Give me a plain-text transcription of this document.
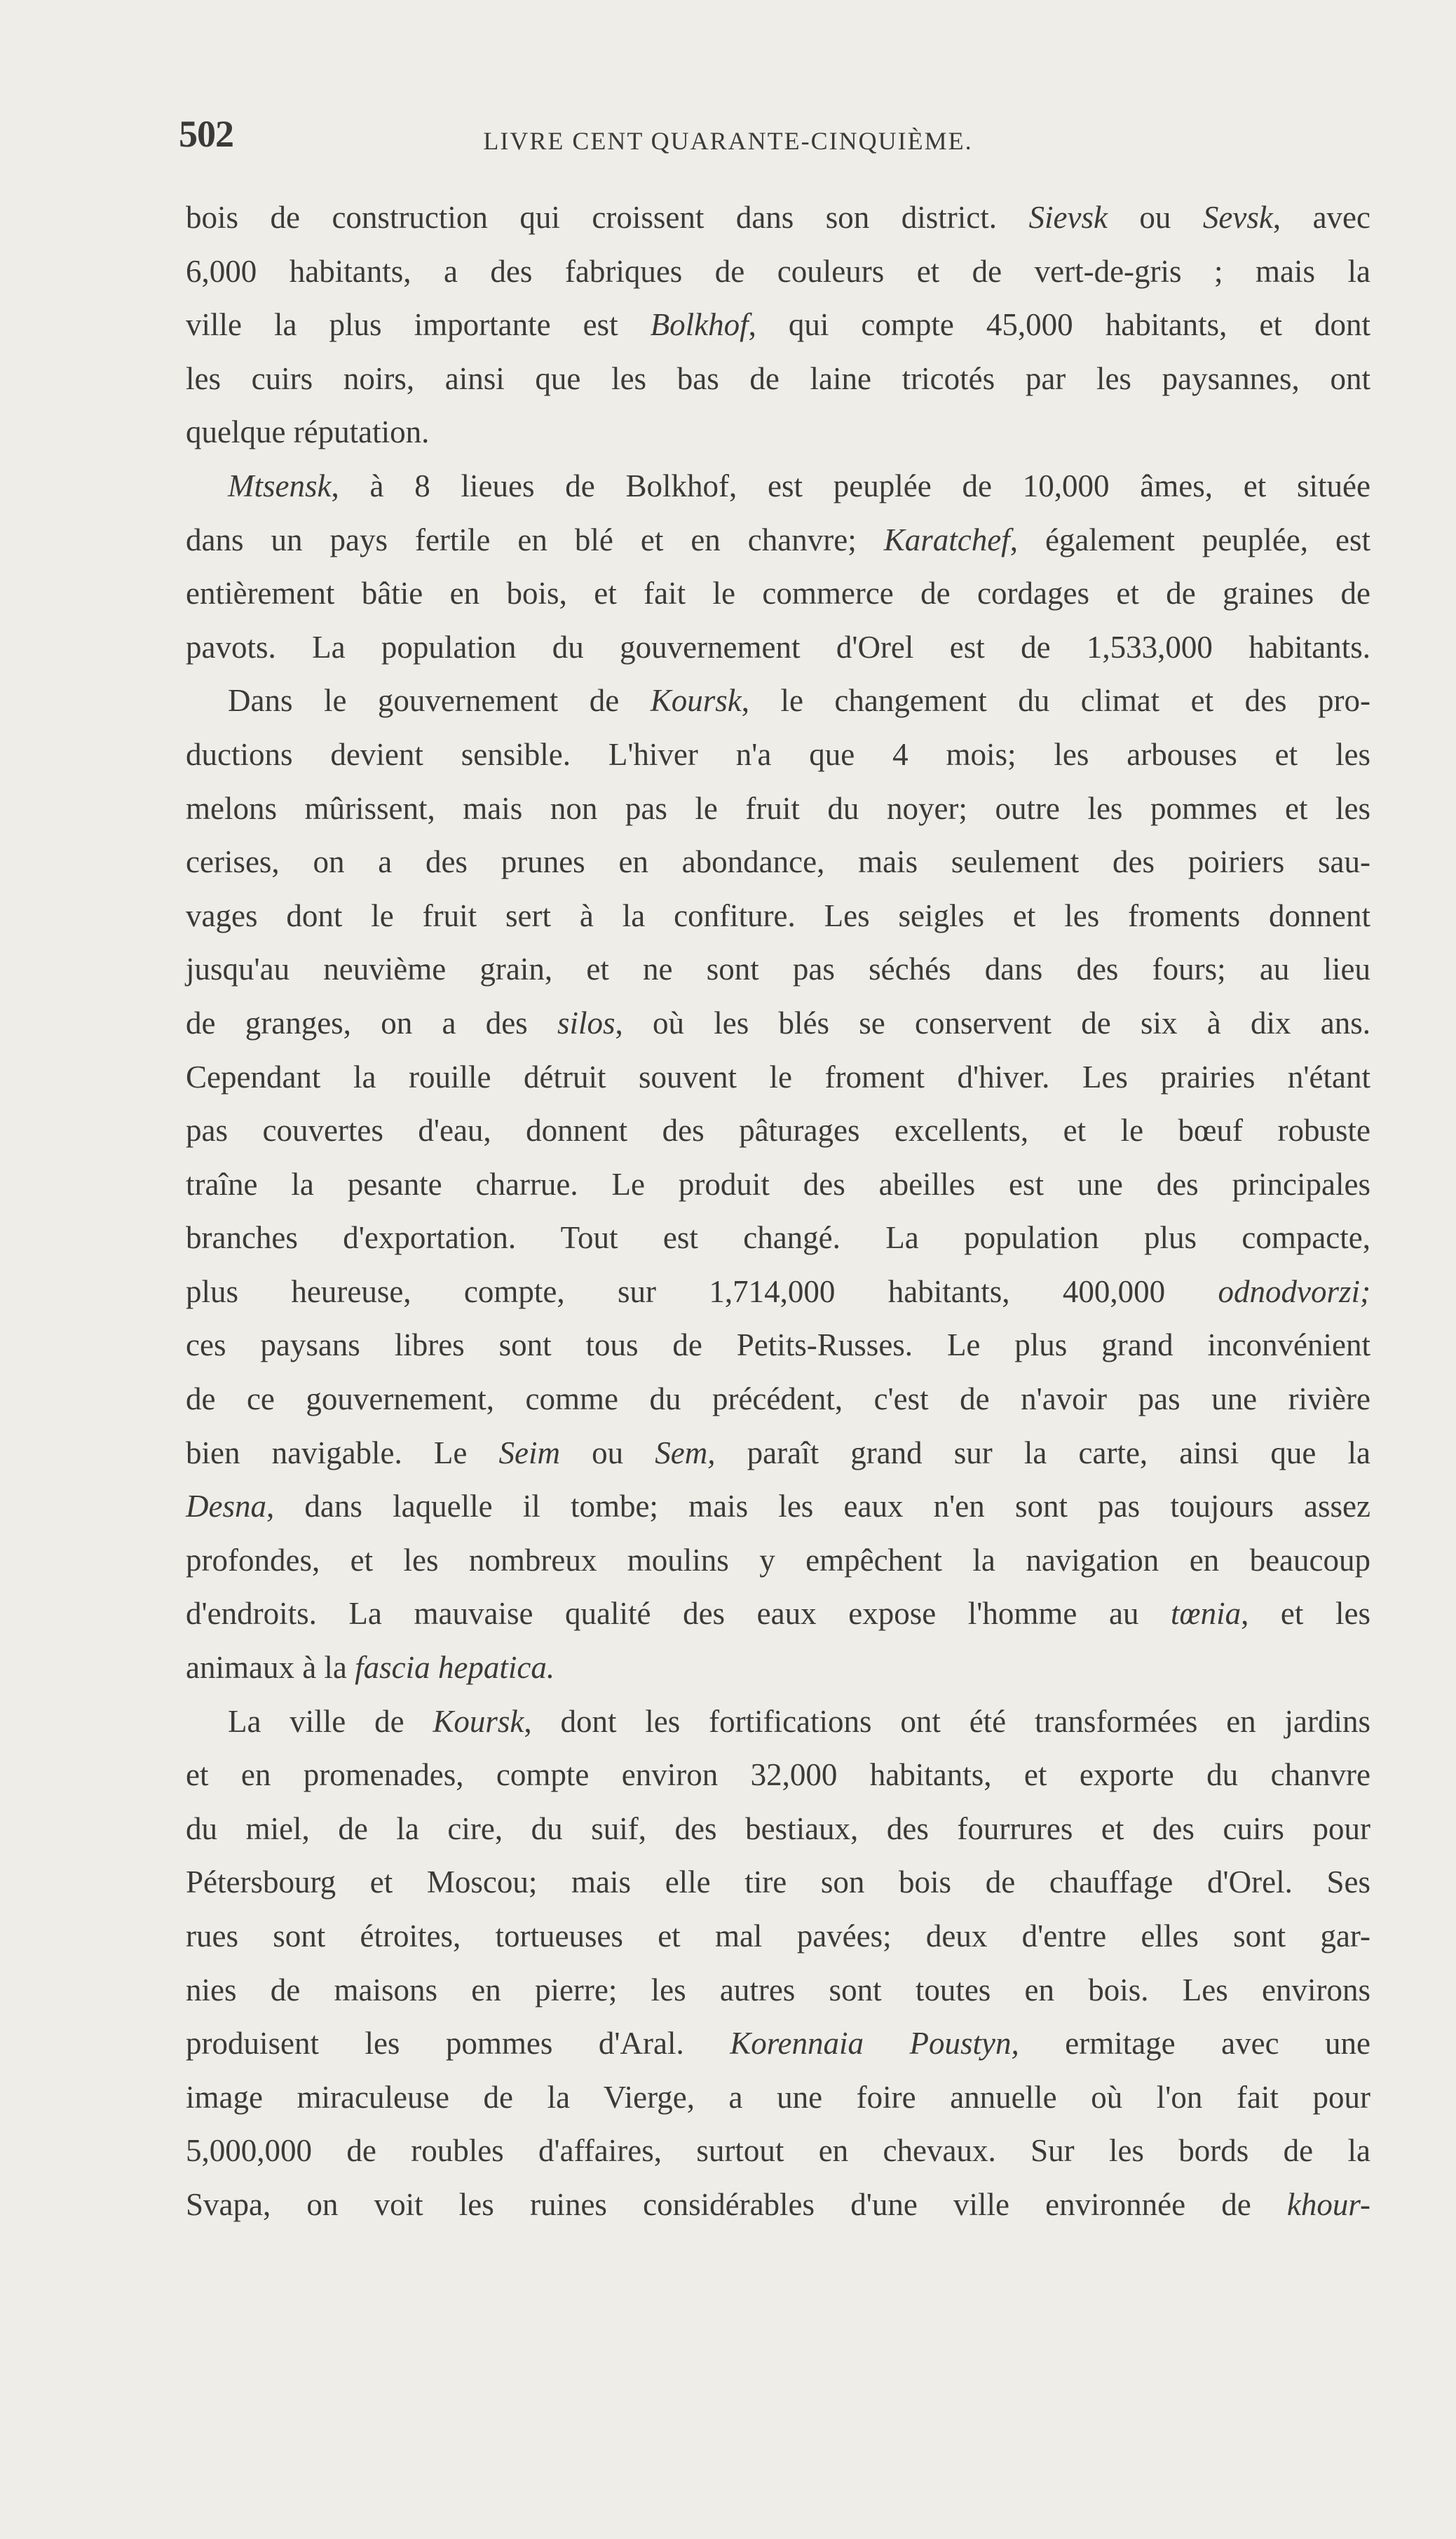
502	LIVRE CENT QUARANTE-CINQUIÈME.
bois de construction qui croissent dans son district. Sievsk ou Sevsk, avec
6,000 habitants, a des fabriques de couleurs et de vert-de-gris ; mais la
ville la plus importante est Bolkhof, qui compte 45,000 habitants, et dont
les cuirs noirs, ainsi que les bas de laine tricotés par les paysannes, ont
quelque réputation.
Mtsensk, à 8 lieues de Bolkhof, est peuplée de 10,000 âmes, et située
dans un pays fertile en blé et en chanvre; Karatchef, également peuplée, est
entièrement bâtie en bois, et fait le commerce de cordages et de graines de
pavots. La population du gouvernement d'Orel est de 1,533,000 habitants.
Dans le gouvernement de Koursk, le changement du climat et des pro-
ductions devient sensible. L'hiver n'a que 4 mois; les arbouses et les
melons mûrissent, mais non pas le fruit du noyer; outre les pommes et les
cerises, on a des prunes en abondance, mais seulement des poiriers sau-
vages dont le fruit sert à la confiture. Les seigles et les froments donnent
jusqu'au neuvième grain, et ne sont pas séchés dans des fours; au lieu
de granges, on a des silos, où les blés se conservent de six à dix ans.
Cependant la rouille détruit souvent le froment d'hiver. Les prairies n'étant
pas couvertes d'eau, donnent des pâturages excellents, et le bœuf robuste
traîne la pesante charrue. Le produit des abeilles est une des principales
branches d'exportation. Tout est changé. La population plus compacte,
plus heureuse, compte, sur 1,714,000 habitants, 400,000 odnodvorzi;
ces paysans libres sont tous de Petits-Russes. Le plus grand inconvénient
de ce gouvernement, comme du précédent, c'est de n'avoir pas une rivière
bien navigable. Le Seim ou Sem, paraît grand sur la carte, ainsi que la
Desna, dans laquelle il tombe; mais les eaux n'en sont pas toujours assez
profondes, et les nombreux moulins y empêchent la navigation en beaucoup
d'endroits. La mauvaise qualité des eaux expose l'homme au tœnia, et les
animaux à la fascia hepatica.
La ville de Koursk, dont les fortifications ont été transformées en jardins
et en promenades, compte environ 32,000 habitants, et exporte du chanvre
du miel, de la cire, du suif, des bestiaux, des fourrures et des cuirs pour
Pétersbourg et Moscou; mais elle tire son bois de chauffage d'Orel. Ses
rues sont étroites, tortueuses et mal pavées; deux d'entre elles sont gar-
nies de maisons en pierre; les autres sont toutes en bois. Les environs
produisent les pommes d'Aral. Korennaia Poustyn, ermitage avec une
image miraculeuse de la Vierge, a une foire annuelle où l'on fait pour
5,000,000 de roubles d'affaires, surtout en chevaux. Sur les bords de la
Svapa, on voit les ruines considérables d'une ville environnée de khour-
